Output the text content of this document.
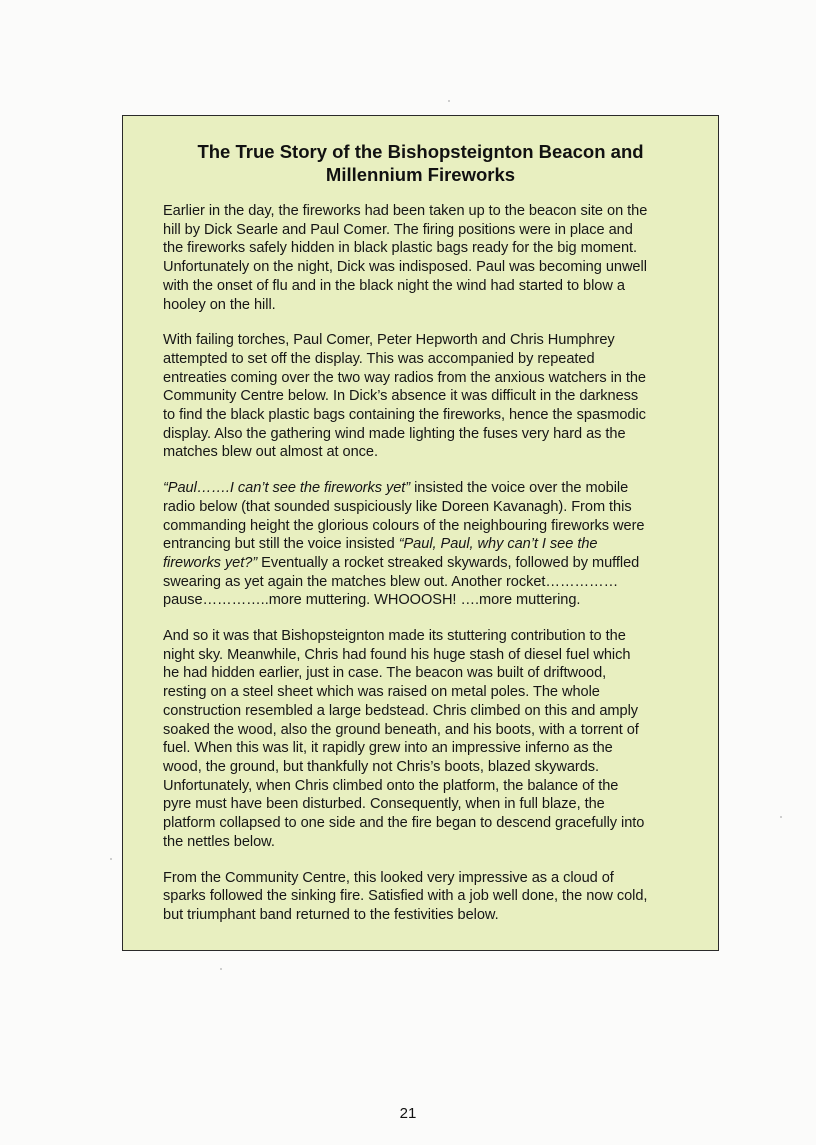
The True Story of the Bishopsteignton Beacon and
Millennium Fireworks

Earlier in the day, the fireworks had been taken up to the beacon site on the
hill by Dick Searle and Paul Comer. The firing positions were in place and
the fireworks safely hidden in black plastic bags ready for the big moment.
Unfortunately on the night, Dick was indisposed. Paul was becoming unwell
with the onset of flu and in the black night the wind had started to blow a
hooley on the hill.

With failing torches, Paul Comer, Peter Hepworth and Chris Humphrey
attempted to set off the display. This was accompanied by repeated
entreaties coming over the two way radios from the anxious watchers in the
Community Centre below. In Dick’s absence it was difficult in the darkness
to find the black plastic bags containing the fireworks, hence the spasmodic
display. Also the gathering wind made lighting the fuses very hard as the
matches blew out almost at once.

“Paul…….I can’t see the fireworks yet” insisted the voice over the mobile
radio below (that sounded suspiciously like Doreen Kavanagh). From this
commanding height the glorious colours of the neighbouring fireworks were
entrancing but still the voice insisted “Paul, Paul, why can’t I see the
fireworks yet?” Eventually a rocket streaked skywards, followed by muffled
swearing as yet again the matches blew out. Another rocket……………
pause…………..more muttering. WHOOOSH! ….more muttering.

And so it was that Bishopsteignton made its stuttering contribution to the
night sky. Meanwhile, Chris had found his huge stash of diesel fuel which
he had hidden earlier, just in case. The beacon was built of driftwood,
resting on a steel sheet which was raised on metal poles. The whole
construction resembled a large bedstead. Chris climbed on this and amply
soaked the wood, also the ground beneath, and his boots, with a torrent of
fuel. When this was lit, it rapidly grew into an impressive inferno as the
wood, the ground, but thankfully not Chris’s boots, blazed skywards.
Unfortunately, when Chris climbed onto the platform, the balance of the
pyre must have been disturbed. Consequently, when in full blaze, the
platform collapsed to one side and the fire began to descend gracefully into
the nettles below.

From the Community Centre, this looked very impressive as a cloud of
sparks followed the sinking fire. Satisfied with a job well done, the now cold,
but triumphant band returned to the festivities below.

21
